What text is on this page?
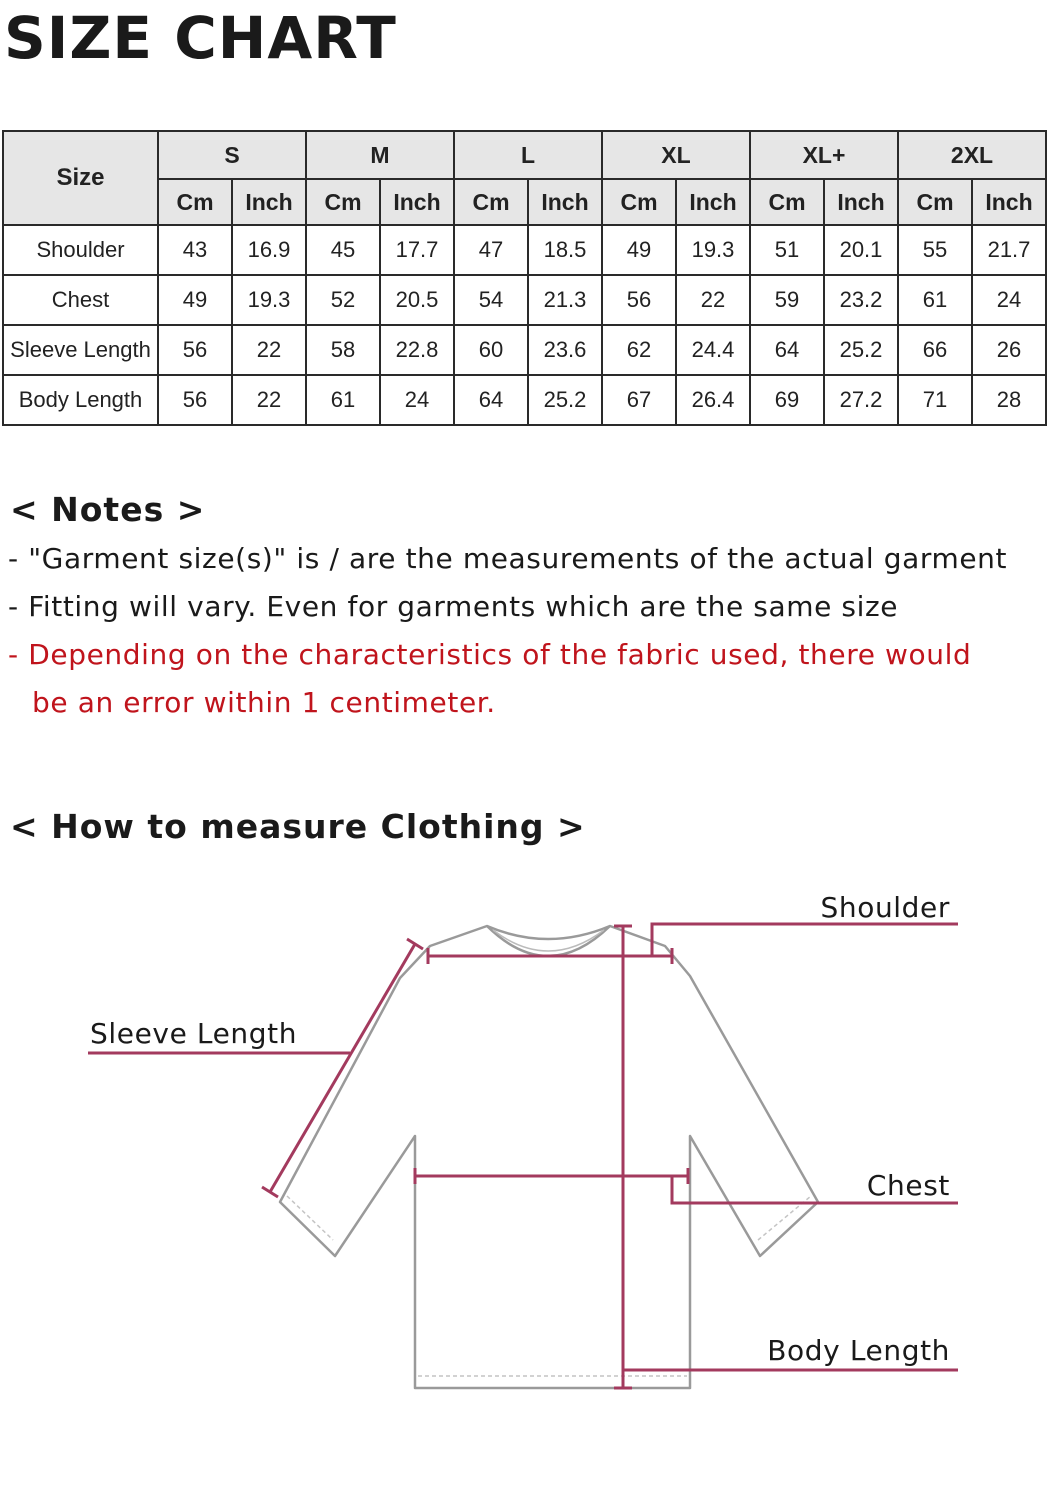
SIZE CHART
Size	S		M		L		XL		XL+		2XL	
	Cm	Inch	Cm	Inch	Cm	Inch	Cm	Inch	Cm	Inch	Cm	Inch
Shoulder	43	16.9	45	17.7	47	18.5	49	19.3	51	20.1	55	21.7
Chest	49	19.3	52	20.5	54	21.3	56	22	59	23.2	61	24
Sleeve Length	56	22	58	22.8	60	23.6	62	24.4	64	25.2	66	26
Body Length	56	22	61	24	64	25.2	67	26.4	69	27.2	71	28
< Notes >
- "Garment size(s)" is / are the measurements of the actual garment
- Fitting will vary. Even for garments which are the same size
- Depending on the characteristics of the fabric used, there would
be an error within 1 centimeter.
< How to measure Clothing >
Shoulder
Sleeve Length
Chest
Body Length
